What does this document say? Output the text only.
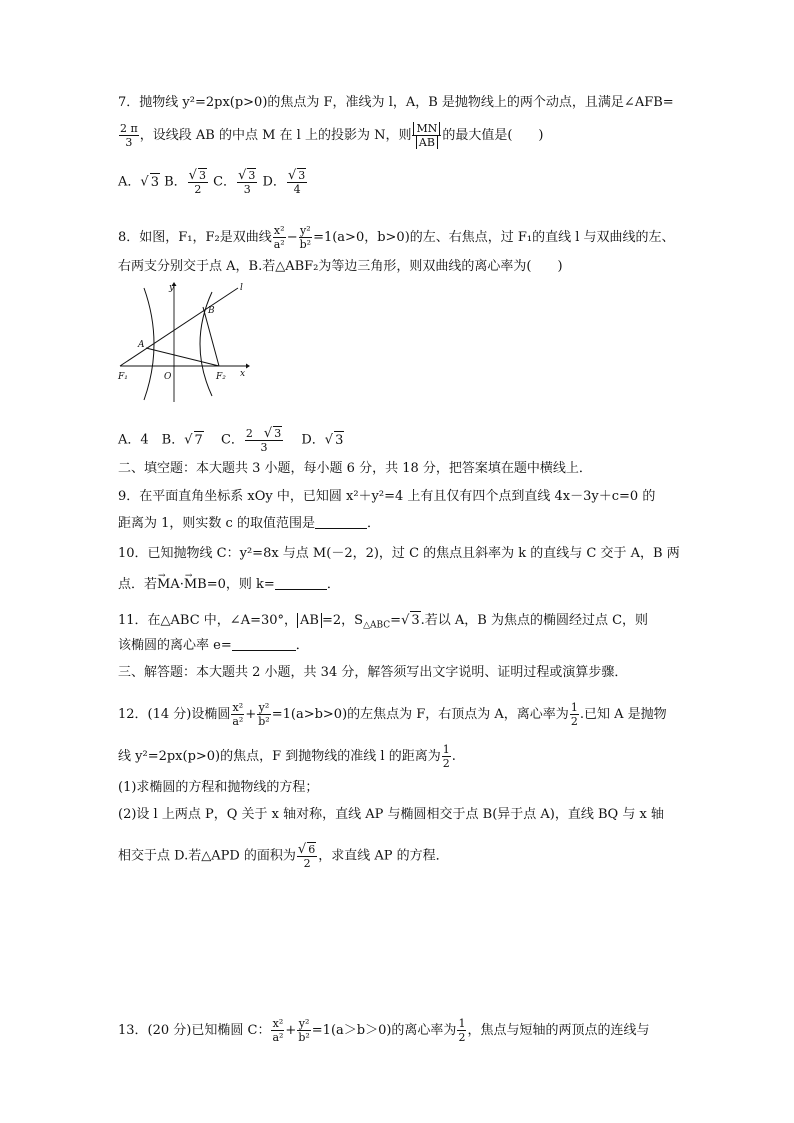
7．抛物线 y²=2px(p>0)的焦点为 F，准线为 l，A，B 是抛物线上的两个动点，且满足∠AFB=
$\frac{2 \pi}{3}$ ，设线段 AB 的中点 M 在 l 上的投影为 N，则 $\frac{MN}{AB}$ 的最大值是(　　)
A．√ 3 B． $\frac{√ 3}{2}$ C． $\frac{√ 3}{3}$ D． $\frac{√ 3}{4}$
8．如图，F₁，F₂是双曲线 $\frac{\text{x²}}{\text{a²}} - \frac{\text{y²}}{\text{b²}} =1(a>0$，b>0)的左、右焦点，过 F₁的直线 l 与双曲线的左、
右两支分别交于点 A，B.若△ABF₂为等边三角形，则双曲线的离心率为(　　)
y	l
B
A
F₁	O	F₂ x
A．4　B．√ 7 　C． $\frac{2 √ 3}{3}$ 　D．√ 3
二、填空题：本大题共 3 小题，每小题 6 分，共 18 分，把答案填在题中横线上．
9．在平面直角坐标系 xOy 中，已知圆 x²＋y²=4 上有且仅有四个点到直线 4x－3y＋c=0 的
距离为 1，则实数 c 的取值范围是	．
10．已知抛物线 C：y²=8x 与点 M(－2，2)，过 C 的焦点且斜率为 k 的直线与 C 交于 A，B 两
点．若→ MA·→ MB=0，则 k=	．
11．在△ABC 中，∠A=30°， AB =2，$S_{\triangle ABC}=√$ 3.若以 A，B 为焦点的椭圆经过点 C，则
该椭圆的离心率 e=	．
三、解答题：本大题共 2 小题，共 34 分，解答须写出文字说明、证明过程或演算步骤．
12．(14 分)设椭圆 $\frac{\text{x²}}{\text{a²}} + \frac{\text{y²}}{\text{b²}} =1(a>b>0)$的左焦点为 F，右顶点为 A，离心率为 $\frac{1}{2}$ .已知 A 是抛物
线 y²=2px(p>0)的焦点，F 到抛物线的准线 l 的距离为 $\frac{1}{2}$ .
(1)求椭圆的方程和抛物线的方程；
(2)设 l 上两点 P，Q 关于 x 轴对称，直线 AP 与椭圆相交于点 B(异于点 A)，直线 BQ 与 x 轴
相交于点 D.若△APD 的面积为 $\frac{√ 6}{2}$ ，求直线 AP 的方程．
13．(20 分)已知椭圆 C： $\frac{\text{x²}}{\text{a²}} + \frac{\text{y²}}{\text{b²}} =1(a>b>0)$的离心率为 $\frac{1}{2}$ ，焦点与短轴的两顶点的连线与
